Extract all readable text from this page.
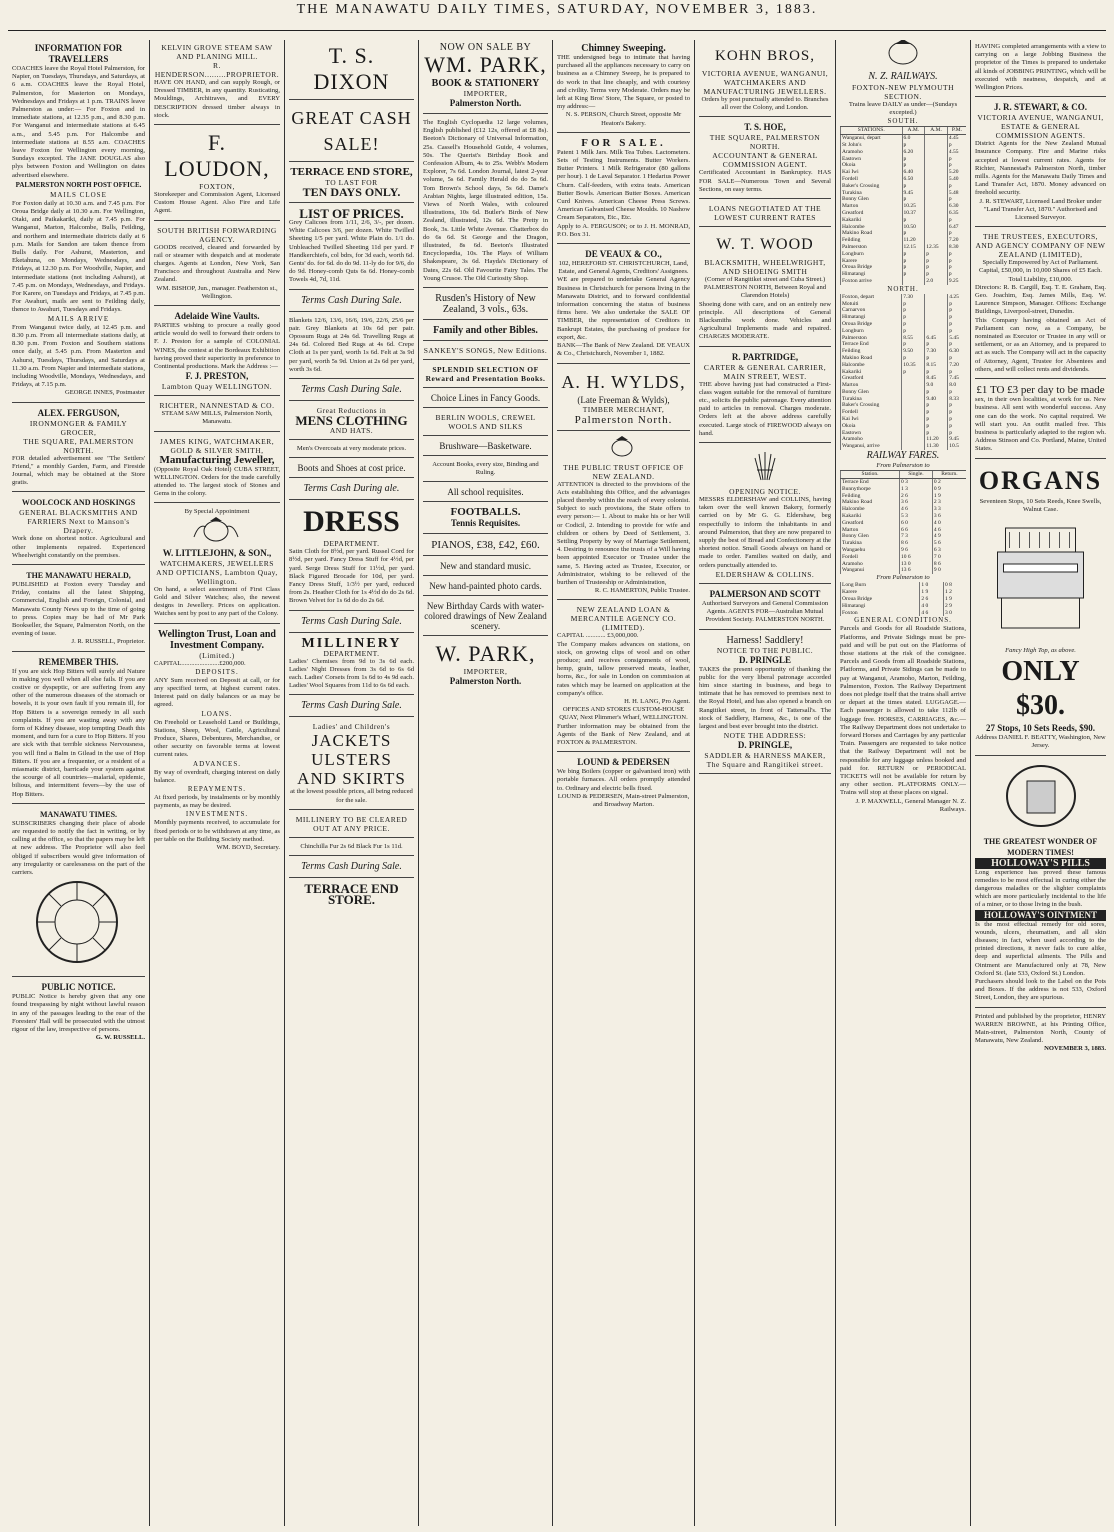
THE MANAWATU DAILY TIMES, SATURDAY, NOVEMBER 3, 1883.
INFORMATION FOR TRAVELLERS
COACHES leave the Royal Hotel Palmerston, for Napier, on Tuesdays, Thursdays, and Saturdays, at 6 a.m. COACHES leave the Royal Hotel, Palmerston, for Masterton on Mondays, Wednesdays and Fridays at 1 p.m. TRAINS leave Palmerston as under:— For Foxton and in immediate stations, at 12.35 p.m., and 8.30 p.m. For Wanganui and intermediate stations at 6.45 a.m., and 5.45 p.m. For Halcombe and intermediate stations at 8.55 a.m. COACHES leave Foxton for Wellington every morning, Sundays excepted. The JANE DOUGLAS also plys between Foxton and Wellington on dates advertised elsewhere.
PALMERSTON NORTH POST OFFICE.
MAILS CLOSE
For Foxton daily at 10.30 a.m. and 7.45 p.m. For Oroua Bridge daily at 10.30 a.m. For Wellington, Otaki, and Paikakariki, daily at 7.45 p.m. For Wanganui, Marton, Halcombe, Bulls, Feilding, and northern and intermediate districts daily at 6 p.m. Mails for Sandon are taken thence from Bulls daily. For Ashurst, Masterton, and Eketahuna, on Mondays, Wednesdays, and Fridays, at 12.30 p.m. For Woodville, Napier, and intermediate stations (not including Ashurst), at 7.45 p.m. on Mondays, Wednesdays, and Fridays. For Karere, on Tuesdays and Fridays, at 7.45 p.m. For Awahuri, mails are sent to Feilding daily, thence to Awahuri, Tuesdays and Fridays.
MAILS ARRIVE
From Wanganui twice daily, at 12.45 p.m. and 8.30 p.m. From all intermediate stations daily, at 8.30 p.m. From Foxton and Southern stations once daily, at 5.45 p.m. From Masterton and Ashurst, Tuesdays, Thursdays, and Saturdays at 11.30 a.m. From Napier and intermediate stations, including Woodville, Mondays, Wednesdays, and Fridays, at 7.15 p.m.
GEORGE INNES, Postmaster
ALEX. FERGUSON,
IRONMONGER & FAMILY GROCER,
THE SQUARE, PALMERSTON NORTH.
FOR detailed advertisement see "The Settlers' Friend," a monthly Garden, Farm, and Fireside Journal, which may be obtained at the Store gratis.
WOOLCOCK AND HOSKINGS
GENERAL BLACKSMITHS AND FARRIERS Next to Manson's Drapery.
Work done on shortest notice. Agricultural and other implements repaired. Experienced Wheelwright constantly on the premises.
THE MANAWATU HERALD,
PUBLISHED at Foxton every Tuesday and Friday, contains all the latest Shipping, Commercial, English and Foreign, Colonial, and Manawatu County News up to the time of going to press. Copies may be had of Mr Park Bookseller, the Square, Palmerston North, on the evening of issue.
J. R. RUSSELL, Proprietor.
REMEMBER THIS.
If you are sick Hop Bitters will surely aid Nature in making you well when all else fails. If you are costive or dyspeptic, or are suffering from any other of the numerous diseases of the stomach or bowels, it is your own fault if you remain ill, for Hop Bitters is a sovereign remedy in all such complaints. If you are wasting away with any form of Kidney disease, stop tempting Death this moment, and turn for a cure to Hop Bitters. If you are sick with that terrible sickness Nervousness, you will find a Balm in Gilead in the use of Hop Bitters. If you are a frequenter, or a resident of a miasmatic district, barricade your system against the scourge of all countries—malarial, epidemic, bilious, and intermittent fevers—by the use of Hop Bitters.
MANAWATU TIMES.
SUBSCRIBERS changing their place of abode are requested to notify the fact in writing, or by calling at the office, so that the papers may be left at new address. The Proprietor will also feel obliged if subscribers would give information of any irregularity or carelessness on the part of the carriers.
PUBLIC NOTICE.
PUBLIC Notice is hereby given that any one found trespassing by night without lawful reason in any of the passages leading to the rear of the Foresters' Hall will be prosecuted with the utmost rigour of the law, irrespective of persons.
G. W. RUSSELL.
KELVIN GROVE STEAM SAW AND PLANING MILL.
R. HENDERSON.........PROPRIETOR.
HAVE ON HAND, and can supply Rough, or Dressed TIMBER, in any quantity. Rusticating, Mouldings, Architraves, and EVERY DESCRIPTION dressed timber always in stock.
F. LOUDON,
FOXTON,
Storekeeper and Commission Agent, Licensed Custom House Agent. Also Fire and Life Agent.
SOUTH BRITISH FORWARDING AGENCY.
GOODS received, cleared and forwarded by rail or steamer with despatch and at moderate charges. Agents at London, New York, San Francisco and throughout Australia and New Zealand.
WM. BISHOP, Jun., manager. Featherston st., Wellington.
Adelaide Wine Vaults.
PARTIES wishing to procure a really good article would do well to forward their orders to F. J. Preston for a sample of COLONIAL WINES, the contest at the Bordeaux Exhibition having proved their superiority in preference to Continental productions. Mark the Address :—
F. J. PRESTON,
Lambton Quay WELLINGTON.
RICHTER, NANNESTAD & CO.
STEAM SAW MILLS, Palmerston North, Manawatu.
JAMES KING, WATCHMAKER, GOLD & SILVER SMITH,
Manufacturing Jeweller,
(Opposite Royal Oak Hotel) CUBA STREET, WELLINGTON. Orders for the trade carefully attended to. The largest stock of Stones and Gems in the colony.
By Special Appointment
W. LITTLEJOHN, & SON.,
WATCHMAKERS, JEWELLERS AND OPTICIANS, Lambton Quay, Wellington.
On hand, a select assortment of First Class Gold and Silver Watches; also, the newest designs in Jewellery. Prices on application. Watches sent by post to any part of the Colony.
Wellington Trust, Loan and Investment Company.
(Limited.)
CAPITAL.......................£200,000.
DEPOSITS.
ANY Sum received on Deposit at call, or for any specified term, at highest current rates. Interest paid on daily balances or as may be agreed.
LOANS.
On Freehold or Leasehold Land or Buildings, Stations, Sheep, Wool, Cattle, Agricultural Produce, Shares, Debentures, Merchandise, or other security on favorable terms at lowest current rates.
ADVANCES.
By way of overdraft, charging interest on daily balance.
REPAYMENTS.
At fixed periods, by instalments or by monthly payments, as may be desired.
INVESTMENTS.
Monthly payments received, to accumulate for fixed periods or to be withdrawn at any time, as per table on the Building Society method.
WM. BOYD, Secretary.
T. S. DIXON
GREAT CASH SALE!
TERRACE END STORE,
TO LAST FOR
TEN DAYS ONLY.
LIST OF PRICES.
Grey Calicoes from 1/11, 2/6, 3/-, per dozen. White Calicoes 3/6, per dozen. White Twilled Sheeting 1/5 per yard. White Plain do. 1/1 do. Unbleached Twilled Sheeting 11d per yard. F Handkerchiefs, col bdrs, for 3d each, worth 6d. Gents' do. for 6d. do do 9d. 11-ly do for 9/6, do do 9d. Honey-comb Quts 6s 6d. Honey-comb Towels 4d, 7d, 11d.
Terms Cash During Sale.
Blankets 12/6, 13/6, 16/6, 19/6, 22/6, 25/6 per pair. Grey Blankets at 10s 6d per pair. Opossum Rugs at 24s 6d. Travelling Rugs at 24s 6d. Colored Bed Rugs at 4s 6d. Crepe Cloth at 1s per yard, worth 1s 6d. Felt at 3s 9d per yard, worth 5s 9d. Union at 2s 6d per yard, worth 3s 6d.
Terms Cash During Sale.
Great Reductions in
MENS CLOTHING
AND HATS.
Men's Overcoats at very moderate prices.
Boots and Shoes at cost price.
Terms Cash During ale.
DRESS
DEPARTMENT.
Satin Cloth for 8½d, per yard. Russel Cord for 8½d, per yard. Fancy Dress Stuff for 4½d, per yard. Serge Dress Stuff for 11½d, per yard. Black Figured Brocade for 10d, per yard. Fancy Dress Stuff, 1/3½ per yard, reduced from 2s. Heather Cloth for 1s 4½d do do 2s 6d. Brown Velvet for 1s 6d do do 2s 6d.
Terms Cash During Sale.
MILLINERY
DEPARTMENT.
Ladies' Chemises from 9d to 3s 6d each. Ladies' Night Dresses from 3s 6d to 6s 6d each. Ladies' Corsets from 1s 6d to 4s 9d each. Ladies' Wool Squares from 11d to 6s 6d each.
Terms Cash During Sale.
Ladies' and Children's
JACKETS
ULSTERS
AND SKIRTS
at the lowest possible prices, all being reduced for the sale.
MILLINERY TO BE CLEARED OUT AT ANY PRICE.
Chinchilla Fur 2s 6d Black Fur 1s 11d.
Terms Cash During Sale.
TERRACE END STORE.
NOW ON SALE BY
WM. PARK,
BOOK & STATIONERY
IMPORTER,
Palmerston North.
The English Cyclopædia 12 large volumes, English published (£12 12s, offered at £8 8s). Beeton's Dictionary of Universal Information, 25s. Cassell's Household Guide, 4 volumes, 50s. The Querist's Birthday Book and Confession Album, 4s to 25s. Webb's Modern Explorer, 7s 6d. London Journal, latest 2-year volume, 5s 6d. Family Herald do do 5s 6d. Tom Brown's School days, 5s 6d. Dame's Arabian Nights, large illustrated edition, 15s. Views of North Wales, with coloured illustrations, 10s 6d. Butler's Birds of New Zealand, illustrated, 12s 6d. The Pretty in Book, 3s. Little White Avenue. Chatterbox do do 6s 6d. St George and the Dragon, illustrated, 8s 6d. Beeton's Illustrated Encyclopædia, 10s. The Plays of William Shakespeare, 3s 6d. Hayda's Dictionary of Dates, 22s 6d. Old Favourite Fairy Tales. The Young Crusoe. The Old Curiosity Shop.
Rusden's History of New Zealand, 3 vols., 63s.
Family and other Bibles.
SANKEY'S SONGS, New Editions.
SPLENDID SELECTION OF Reward and Presentation Books.
Choice Lines in Fancy Goods.
BERLIN WOOLS, CREWEL WOOLS AND SILKS
Brushware—Basketware.
Account Books, every size, Binding and Ruling.
All school requisites.
FOOTBALLS.
Tennis Requisites.
PIANOS, £38, £42, £60.
New and standard music.
New hand-painted photo cards.
New Birthday Cards with water-colored drawings of New Zealand scenery.
W. PARK,
IMPORTER,
Palmerston North.
Chimney Sweeping.
THE undersigned begs to intimate that having purchased all the appliances necessary to carry on business as a Chimney Sweep, he is prepared to do work in that line cheaply, and with courtesy and civility. Terms very Moderate. Orders may be left at King Bros' Store, The Square, or posted to my address:—
N. S. PERSON, Church Street, opposite Mr Heaton's Bakery.
FOR SALE.
Patent 1 Milk Jars. Milk Tea Tubes. Lactometers. Sets of Testing Instruments. Butter Workers. Butter Printers. 1 Milk Refrigerator (80 gallons per hour). 1 de Laval Separator. 1 Hedarius Power Churn. Calf-feeders, with extra teats. American Butter Bowls. American Butter Boxes. American Curd Knives. American Cheese Press Screws. American Galvanised Cheese Moulds. 10 Nashow Cream Separators, Etc., Etc.
Apply to A. FERGUSON; or to J. H. MONRAD, P.O. Box 31.
DE VEAUX & CO.,
102, HEREFORD ST. CHRISTCHURCH, Land, Estate, and General Agents, Creditors' Assignees.
WE are prepared to undertake General Agency Business in Christchurch for persons living in the Manawatu District, and to forward confidential information concerning the status of business firms here. We also undertake the SALE OF TIMBER, the representation of Creditors in Bankrupt Estates, the purchasing of produce for export, &c.
BANK—The Bank of New Zealand. DE VEAUX & Co., Christchurch, November 1, 1882.
A. H. WYLDS,
(Late Freeman & Wylds),
TIMBER MERCHANT,
Palmerston North.
THE PUBLIC TRUST OFFICE OF NEW ZEALAND.
ATTENTION is directed to the provisions of the Acts establishing this Office, and the advantages placed thereby within the reach of every colonist. Subject to such provisions, the State offers to every person:— 1. About to make his or her Will or Codicil, 2. Intending to provide for wife and children or others by Deed of Settlement, 3. Settling Property by way of Marriage Settlement, 4. Desiring to renounce the trusts of a Will having been appointed Executor or Trustee under the same, 5. Having acted as Trustee, Executor, or Administrator, wishing to be relieved of the burthen of Trusteeship or Administration,
R. C. HAMERTON, Public Trustee.
NEW ZEALAND LOAN & MERCANTILE AGENCY CO. (LIMITED).
CAPITAL ............ £3,000,000.
The Company makes advances on stations, on stock, on growing clips of wool and on other produce; and receives consignments of wool, hemp, grain, tallow preserved meats, leather, horns, &c., for sale in London on commission at rates which may be learned on application at the company's office.
H. H. LANG, Pro Agent.
OFFICES AND STORES CUSTOM-HOUSE QUAY, Next Plimmer's Wharf, WELLINGTON.
Further information may be obtained from the Agents of the Bank of New Zealand, and at FOXTON & PALMERSTON.
LOUND & PEDERSEN
We bing Boilers (copper or galvanised iron) with portable furnaces. All orders promptly attended to. Ordinary and electric bells fixed.
LOUND & PEDERSEN, Main-street Palmerston, and Broadway Marton.
KOHN BROS,
VICTORIA AVENUE, WANGANUI,
WATCHMAKERS AND MANUFACTURING JEWELLERS.
Orders by post punctually attended to. Branches all over the Colony, and London.
T. S. HOE,
THE SQUARE, PALMERSTON NORTH.
ACCOUNTANT & GENERAL COMMISSION AGENT.
Certificated Accountant in Bankruptcy. HAS FOR SALE—Numerous Town and Several Sections, on easy terms.
LOANS NEGOTIATED AT THE LOWEST CURRENT RATES
W. T. WOOD
BLACKSMITH, WHEELWRIGHT, AND SHOEING SMITH
(Corner of Rangitikei street and Cuba Street.) PALMERSTON NORTH, Between Royal and Clarendon Hotels)
Shoeing done with care, and on an entirely new principle. All descriptions of General Blacksmiths work done. Vehicles and Agricultural Implements made and repaired. CHARGES MODERATE.
R. PARTRIDGE,
CARTER & GENERAL CARRIER,
MAIN STREET, WEST.
THE above having just had constructed a First-class wagon suitable for the removal of furniture etc., solicits the public patronage. Every attention paid to articles in removal. Charges moderate. Orders left at the above address carefully executed. Large stock of FIREWOOD always on hand.
OPENING NOTICE.
MESSRS ELDERSHAW and COLLINS, having taken over the well known Bakery, formerly carried on by Mr G. G. Eldershaw, beg respectfully to inform the inhabitants in and around Palmerston, that they are now prepared to supply the best of Bread and Confectionery at the shortest notice. Small Goods always on hand or made to order. Families waited on daily, and orders punctually attended to.
ELDERSHAW & COLLINS.
PALMERSON AND SCOTT
Authorised Surveyors and General Commission Agents. AGENTS FOR—Australian Mutual Provident Society. PALMERSTON NORTH.
Harness! Saddlery!
NOTICE TO THE PUBLIC.
D. PRINGLE
TAKES the present opportunity of thanking the public for the very liberal patronage accorded him since starting in business, and begs to intimate that he has removed to premises next to the Royal Hotel, and has also opened a branch on Rangitikei street, in front of Tattersall's. The stock of Saddlery, Harness, &c., is one of the largest and best ever brought into the district.
NOTE THE ADDRESS:
D. PRINGLE,
SADDLER & HARNESS MAKER, The Square and Rangitikei street.
N. Z. RAILWAYS.
FOXTON-NEW PLYMOUTH SECTION.
Trains leave DAILY as under—(Sundays excepted.)
SOUTH.
STATIONS.	A.M.	A.M.	P.M.
Wanganui, depart	6.0		4.45
St John's	p		p
Aramoho	6.20		4.55
Eastown	p		p
Okoia	p		p
Kai Iwi	6.40		5.20
Fordell	6.50		5.40
Baker's Crossing	p		p
Turakina	9.45		5.48
Bonny Glen	p		p
Marton	10.25		6.30
Greatford	10.37		6.35
Kakariki	p		p
Halcombe	10.50		6.47
Makino Road	p		p
Feilding	11.20		7.20
Palmerston	12.15	12.35	8.30
Longburn	p	p	p
Karere	p	p	p
Oroua Bridge	p	p	p
Himatangi	p	p	p
Foxton arrive		2.0	9.25
NORTH.
Foxton, depart	7.30		4.25
Motuiti	p		p
Carnarvon	p		p
Himatangi	p		p
Oroua Bridge	p		p
Longburn	p		p
Palmerston	8.55	6.45	5.45
Terrace End	p	p	p
Feilding	9.50	7.30	6.30
Makino Road	p	p	p
Halcombe	10.35	8.15	7.20
Kakariki	p	p	p
Greatford		8.45	7.45
Marton		9.0	8.0
Bonny Glen		p	p
Turakina		9.40	8.33
Baker's Crossing		p	p
Fordell		p	p
Kai Iwi		p	p
Okoia		p	p
Eastown		p	p
Aramoho		11.20	9.45
Wanganui, arrive		11.30	10.5
RAILWAY FARES.
From Palmerston to
Station.	Single.	Return.
Terrace End	0 3	0 2
Bunnythorpe	1 3	0 9
Feilding	2 6	1 9
Makino Road	3 6	2 3
Halcombe	4 6	3 3
Kakariki	5 3	3 6
Greatford	6 0	4 0
Marton	6 6	4 6
Bonny Glen	7 3	4 9
Turakina	8 6	5 6
Wangaehu	9 6	6 3
Fordell	10 6	7 0
Aramoho	13 0	8 6
Wanganui	13 6	9 0
From Palmerston to
Long Burn	1 0	0 8
Karere	1 9	1 2
Oroua Bridge	2 6	1 9
Himatangi	4 0	2 9
Foxton	4 6	3 0
GENERAL CONDITIONS.
Parcels and Goods for all Roadside Stations, Platforms, and Private Sidings must be pre-paid and will be put out on the Platforms of those stations at the risk of the consignee. Parcels and Goods from all Roadside Stations, Platforms, and Private Sidings can be made to pay at Wanganui, Aramoho, Marton, Feilding, Palmerston, Foxton. The Railway Department does not pledge itself that the trains shall arrive or depart at the times stated. LUGGAGE.—Each passenger is allowed to take 112lb of luggage free. HORSES, CARRIAGES, &c.—The Railway Department does not undertake to forward Horses and Carriages by any particular Train. Passengers are requested to take notice that the Railway Department will not be responsible for any luggage unless booked and paid for. RETURN or PERIODICAL TICKETS will not be available for return by any other section. PLATFORMS ONLY.—Trains will stop at these places on signal.
J. P. MAXWELL, General Manager N. Z. Railways.
HAVING completed arrangements with a view to carrying on a large Jobbing Business the proprietor of the Times is prepared to undertake all kinds of JOBBING PRINTING, which will be executed with neatness, despatch, and at Wellington Prices.
J. R. STEWART, & CO.
VICTORIA AVENUE, WANGANUI, ESTATE & GENERAL COMMISSION AGENTS.
District Agents for the New Zealand Mutual Insurance Company. Fire and Marine risks accepted at lowest current rates. Agents for Richter, Nannestad's Palmerston North, timber mills. Agents for the Manawatu Daily Times and Land Transfer Act, 1870. Money advanced on freehold security.
J. R. STEWART, Licensed Land Broker under "Land Transfer Act, 1870." Authorised and Licensed Surveyor.
THE TRUSTEES, EXECUTORS, AND AGENCY COMPANY OF NEW ZEALAND (LIMITED),
Specially Empowered by Act of Parliament. Capital, £50,000, in 10,000 Shares of £5 Each. Total Liability, £10,000.
Directors: R. B. Cargill, Esq. T. E. Graham, Esq. Geo. Joachim, Esq. James Mills, Esq. W. Laurence Simpson, Manager. Offices: Exchange Buildings, Liverpool-street, Dunedin.
This Company having obtained an Act of Parliament can now, as a Company, be nominated as Executor or Trustee in any will or settlement, or as an Attorney, and is prepared to act as such. The Company will act in the capacity of Attorney, Agent, Trustee for Absentees and others, and will collect rents and dividends.
£1 TO £3 per day to be made
sex, in their own localities, at work for us. New business. All sent with wonderful success. Any one can do the work. No capital required. We will start you. An outfit mailed free. This business is particularly adapted to the region wh. Address Stinson and Co. Portland, Maine, United States.
ORGANS
Seventeen Stops, 10 Sets Reeds, Knee Swells, Walnut Case.
Fancy High Top, as above.
ONLY $30.
27 Stops, 10 Sets Reeds, $90.
Address DANIEL F. BEATTY, Washington, New Jersey.
THE GREATEST WONDER OF MODERN TIMES!
HOLLOWAY'S PILLS
Long experience has proved these famous remedies to be most effectual in curing either the dangerous maladies or the slighter complaints which are more particularly incidental to the life of a miner, or to those living in the bush.
HOLLOWAY'S OINTMENT
Is the most effectual remedy for old sores, wounds, ulcers, rheumatism, and all skin diseases; in fact, when used according to the printed directions, it never fails to cure alike, deep and superficial ailments. The Pills and Ointment are Manufactured only at 78, New Oxford St. (late 533, Oxford St.) London.
Purchasers should look to the Label on the Pots and Boxes. If the address is not 533, Oxford Street, London, they are spurious.
Printed and published by the proprietor, HENRY WARREN BROWNE, at his Printing Office, Main-street, Palmerston North, County of Manawatu, New Zealand.
NOVEMBER 3, 1883.
